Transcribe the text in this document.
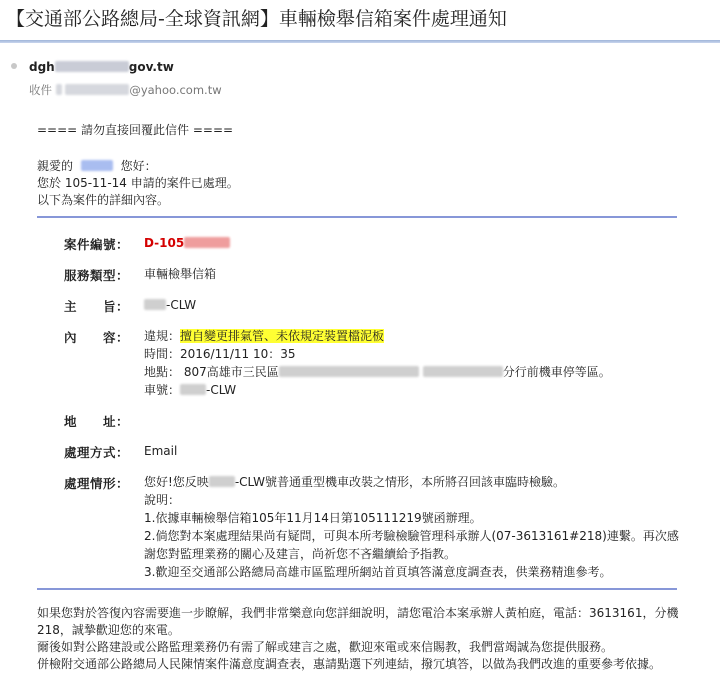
【交通部公路總局-全球資訊網】車輛檢舉信箱案件處理通知
dgh	gov.tw
收件	@yahoo.com.tw
==== 請勿直接回覆此信件 ====
親愛的	您好：
您於 105-11-14 申請的案件已處理。
以下為案件的詳細內容。
案件編號： D-105
服務類型： 車輛檢舉信箱
主　　旨：	-CLW
內　　容： 違規：擅自變更排氣管、未依規定裝置檔泥板
時間：2016/11/11 10：35
地點： 807高雄市三民區	分行前機車停等區。
車號： -CLW
地　　址：
處理方式： Email
處理情形： 您好!您反映 -CLW號普通重型機車改裝之情形，本所將召回該車臨時檢驗。
說明：
1.依據車輛檢舉信箱105年11月14日第105111219號函辦理。
2.倘您對本案處理結果尚有疑問，可與本所考驗檢驗管理科承辦人(07-3613161#218)連繫。再次感
謝您對監理業務的關心及建言，尚祈您不吝繼續給予指教。
3.歡迎至交通部公路總局高雄市區監理所網站首頁填答滿意度調查表，供業務精進參考。
如果您對於答復內容需要進一步瞭解，我們非常樂意向您詳細說明，請您電洽本案承辦人黃柏庭，電話：3613161，分機218，誠摯歡迎您的來電。
爾後如對公路建設或公路監理業務仍有需了解或建言之處，歡迎來電或來信賜教，我們當竭誠為您提供服務。
併檢附交通部公路總局人民陳情案件滿意度調查表，惠請點選下列連結，撥冗填答，以做為我們改進的重要參考依據。
